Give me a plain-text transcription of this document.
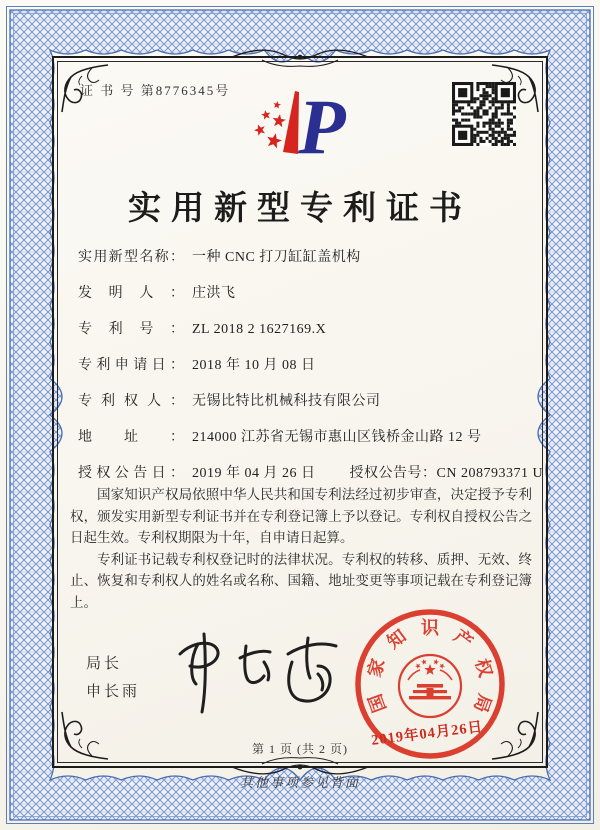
证 书 号 第8776345号 P
实用新型专利证书
实用新型名称： 一种 CNC 打刀缸缸盖机构
发明人： 庄洪飞
专利号： ZL 2018 2 1627169.X
专利申请日： 2018 年 10 月 08 日
专利权人： 无锡比特比机械科技有限公司
地址： 214000 江苏省无锡市惠山区钱桥金山路 12 号
授权公告日： 2019 年 04 月 26 日 授权公告号： CN 208793371 U

国家知识产权局依照中华人民共和国专利法经过初步审查，决定授予专利权，颁发实用新型专利证书并在专利登记簿上予以登记。专利权自授权公告之日起生效。专利权期限为十年，自申请日起算。

专利证书记载专利权登记时的法律状况。专利权的转移、质押、无效、终止、恢复和专利权人的姓名或名称、国籍、地址变更等事项记载在专利登记簿上。

局长
申长雨	国
家
知 识 产
权
局
2019年04月26日
第 1 页 (共 2 页)
其他事项参见背面
